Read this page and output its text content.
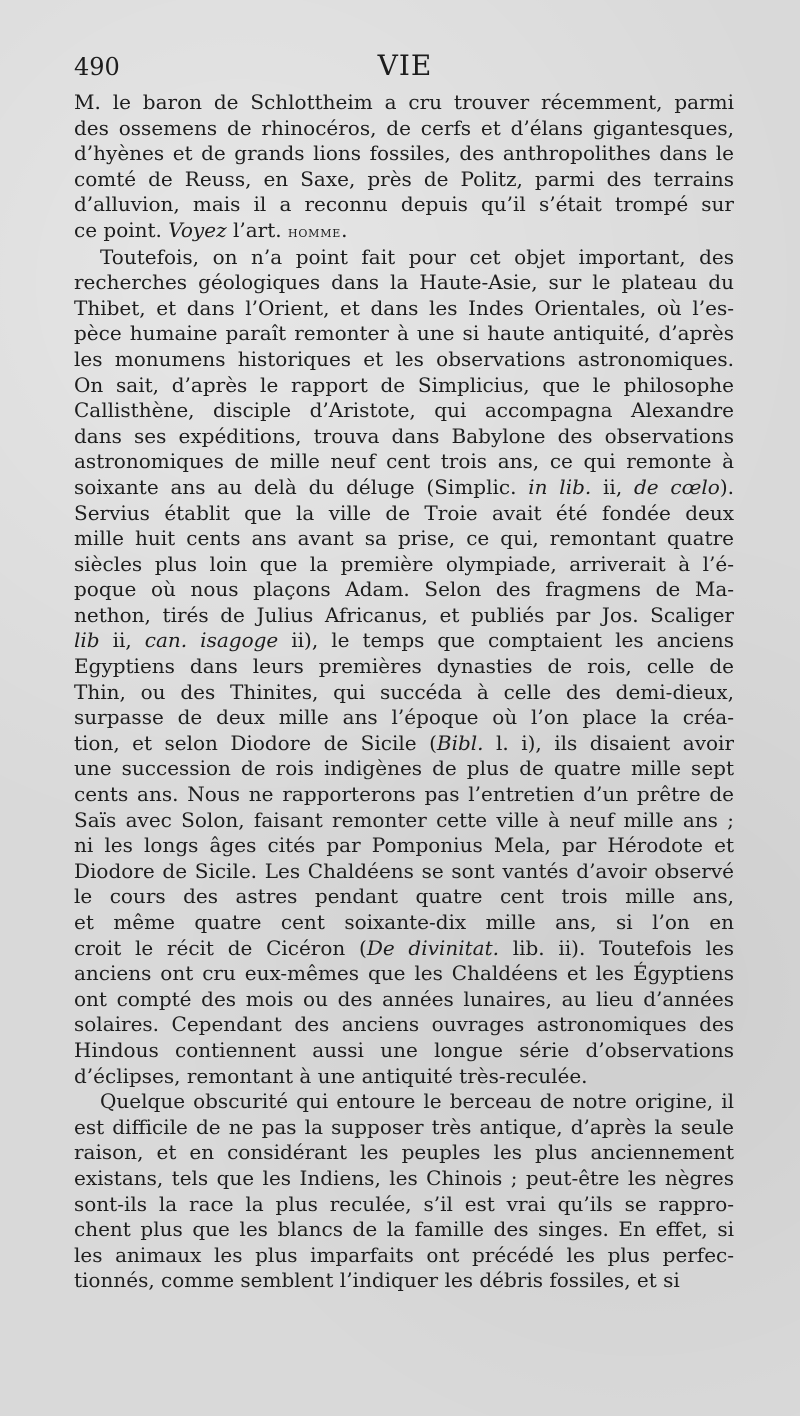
490	VIE
M. le baron de Schlottheim a cru trouver récemment, parmi
des ossemens de rhinocéros, de cerfs et d’élans gigantesques,
d’hyènes et de grands lions fossiles, des anthropolithes dans le
comté de Reuss, en Saxe, près de Politz, parmi des terrains
d’alluvion, mais il a reconnu depuis qu’il s’était trompé sur
ce point. Voyez l’art. homme.
Toutefois, on n’a point fait pour cet objet important, des
recherches géologiques dans la Haute-Asie, sur le plateau du
Thibet, et dans l’Orient, et dans les Indes Orientales, où l’es-
pèce humaine paraît remonter à une si haute antiquité, d’après
les monumens historiques et les observations astronomiques.
On sait, d’après le rapport de Simplicius, que le philosophe
Callisthène, disciple d’Aristote, qui accompagna Alexandre
dans ses expéditions, trouva dans Babylone des observations
astronomiques de mille neuf cent trois ans, ce qui remonte à
soixante ans au delà du déluge (Simplic. in lib. ii, de cœlo).
Servius établit que la ville de Troie avait été fondée deux
mille huit cents ans avant sa prise, ce qui, remontant quatre
siècles plus loin que la première olympiade, arriverait à l’é-
poque où nous plaçons Adam. Selon des fragmens de Ma-
nethon, tirés de Julius Africanus, et publiés par Jos. Scaliger
lib ii, can. isagoge ii), le temps que comptaient les anciens
Egyptiens dans leurs premières dynasties de rois, celle de
Thin, ou des Thinites, qui succéda à celle des demi-dieux,
surpasse de deux mille ans l’époque où l’on place la créa-
tion, et selon Diodore de Sicile (Bibl. l. i), ils disaient avoir
une succession de rois indigènes de plus de quatre mille sept
cents ans. Nous ne rapporterons pas l’entretien d’un prêtre de
Saïs avec Solon, faisant remonter cette ville à neuf mille ans ;
ni les longs âges cités par Pomponius Mela, par Hérodote et
Diodore de Sicile. Les Chaldéens se sont vantés d’avoir observé
le cours des astres pendant quatre cent trois mille ans,
et même quatre cent soixante-dix mille ans, si l’on en
croit le récit de Cicéron (De divinitat. lib. ii). Toutefois les
anciens ont cru eux-mêmes que les Chaldéens et les Égyptiens
ont compté des mois ou des années lunaires, au lieu d’années
solaires. Cependant des anciens ouvrages astronomiques des
Hindous contiennent aussi une longue série d’observations
d’éclipses, remontant à une antiquité très-reculée.
Quelque obscurité qui entoure le berceau de notre origine, il
est difficile de ne pas la supposer très antique, d’après la seule
raison, et en considérant les peuples les plus anciennement
existans, tels que les Indiens, les Chinois ; peut-être les nègres
sont-ils la race la plus reculée, s’il est vrai qu’ils se rappro-
chent plus que les blancs de la famille des singes. En effet, si
les animaux les plus imparfaits ont précédé les plus perfec-
tionnés, comme semblent l’indiquer les débris fossiles, et si
